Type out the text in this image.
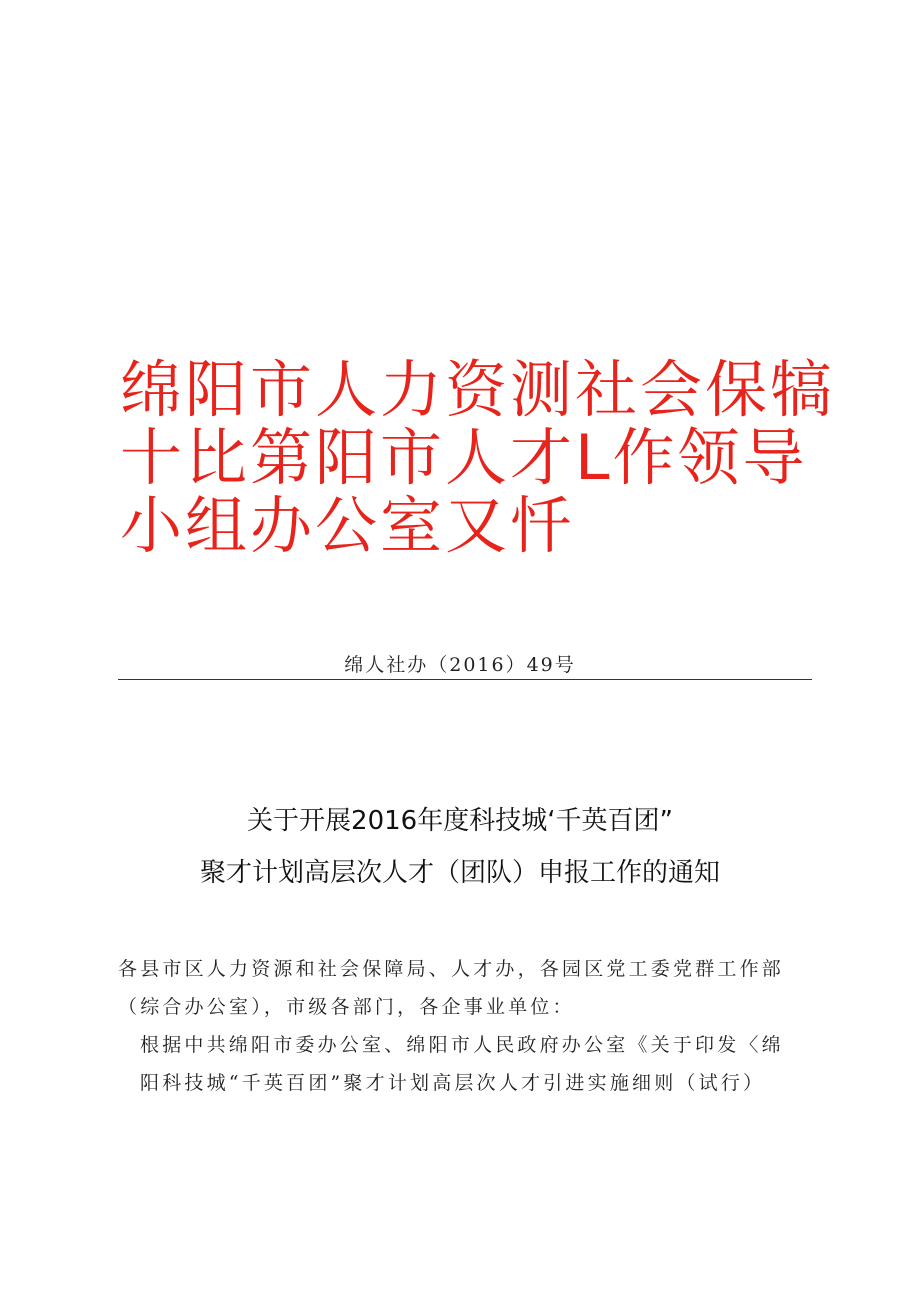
绵阳市人力资测社会保犒
十比第阳市人才L作领导
小组办公室又忏
绵人社办（2016）49号
关于开展2016年度科技城‘千英百团”
聚才计划高层次人才（团队）申报工作的通知
各县市区人力资源和社会保障局、人才办，各园区党工委党群工作部
（综合办公室），市级各部门，各企事业单位：
根据中共绵阳市委办公室、绵阳市人民政府办公室《关于印发〈绵
阳科技城“千英百团”聚才计划高层次人才引进实施细则（试行）
